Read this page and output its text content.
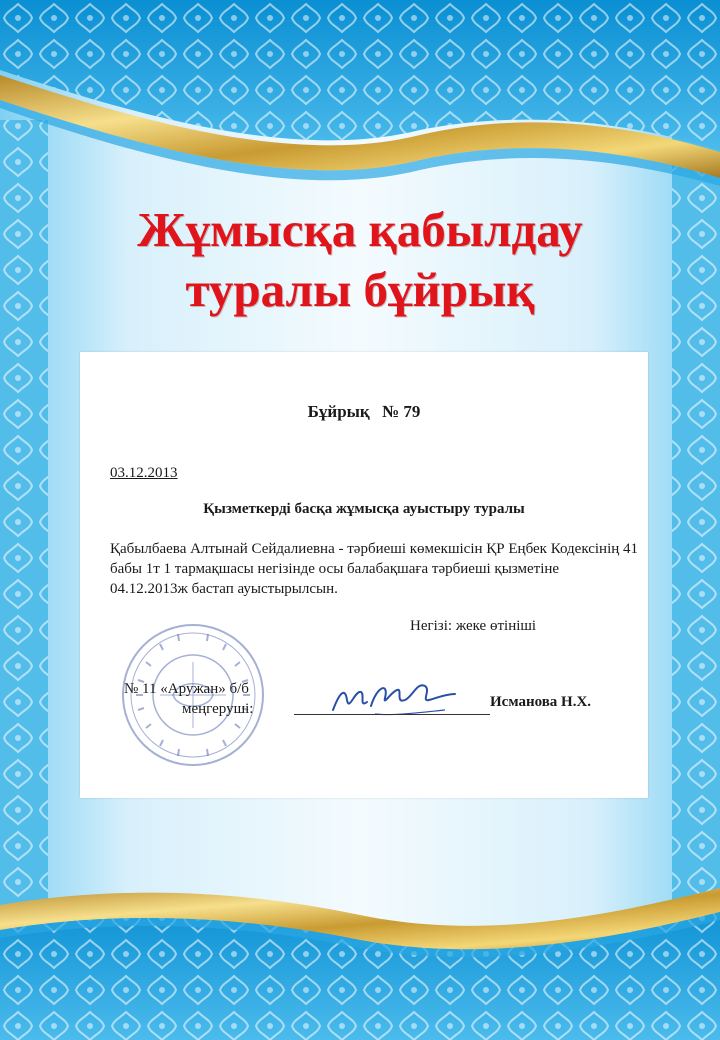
Жұмысқа қабылдау
туралы бұйрық
Бұйрық № 79
03.12.2013
Қызметкерді басқа жұмысқа ауыстыру туралы
Қабылбаева Алтынай Сейдалиевна - тәрбиеші көмекшісін ҚР Еңбек Кодексінің 41 бабы 1т 1 тармақшасы негізінде осы балабақшаға тәрбиеші қызметіне 04.12.2013ж бастап ауыстырылсын.
Негізі: жеке өтініші
№ 11 «Аружан» б/б
меңгеруші:	Исманова Н.Х.
